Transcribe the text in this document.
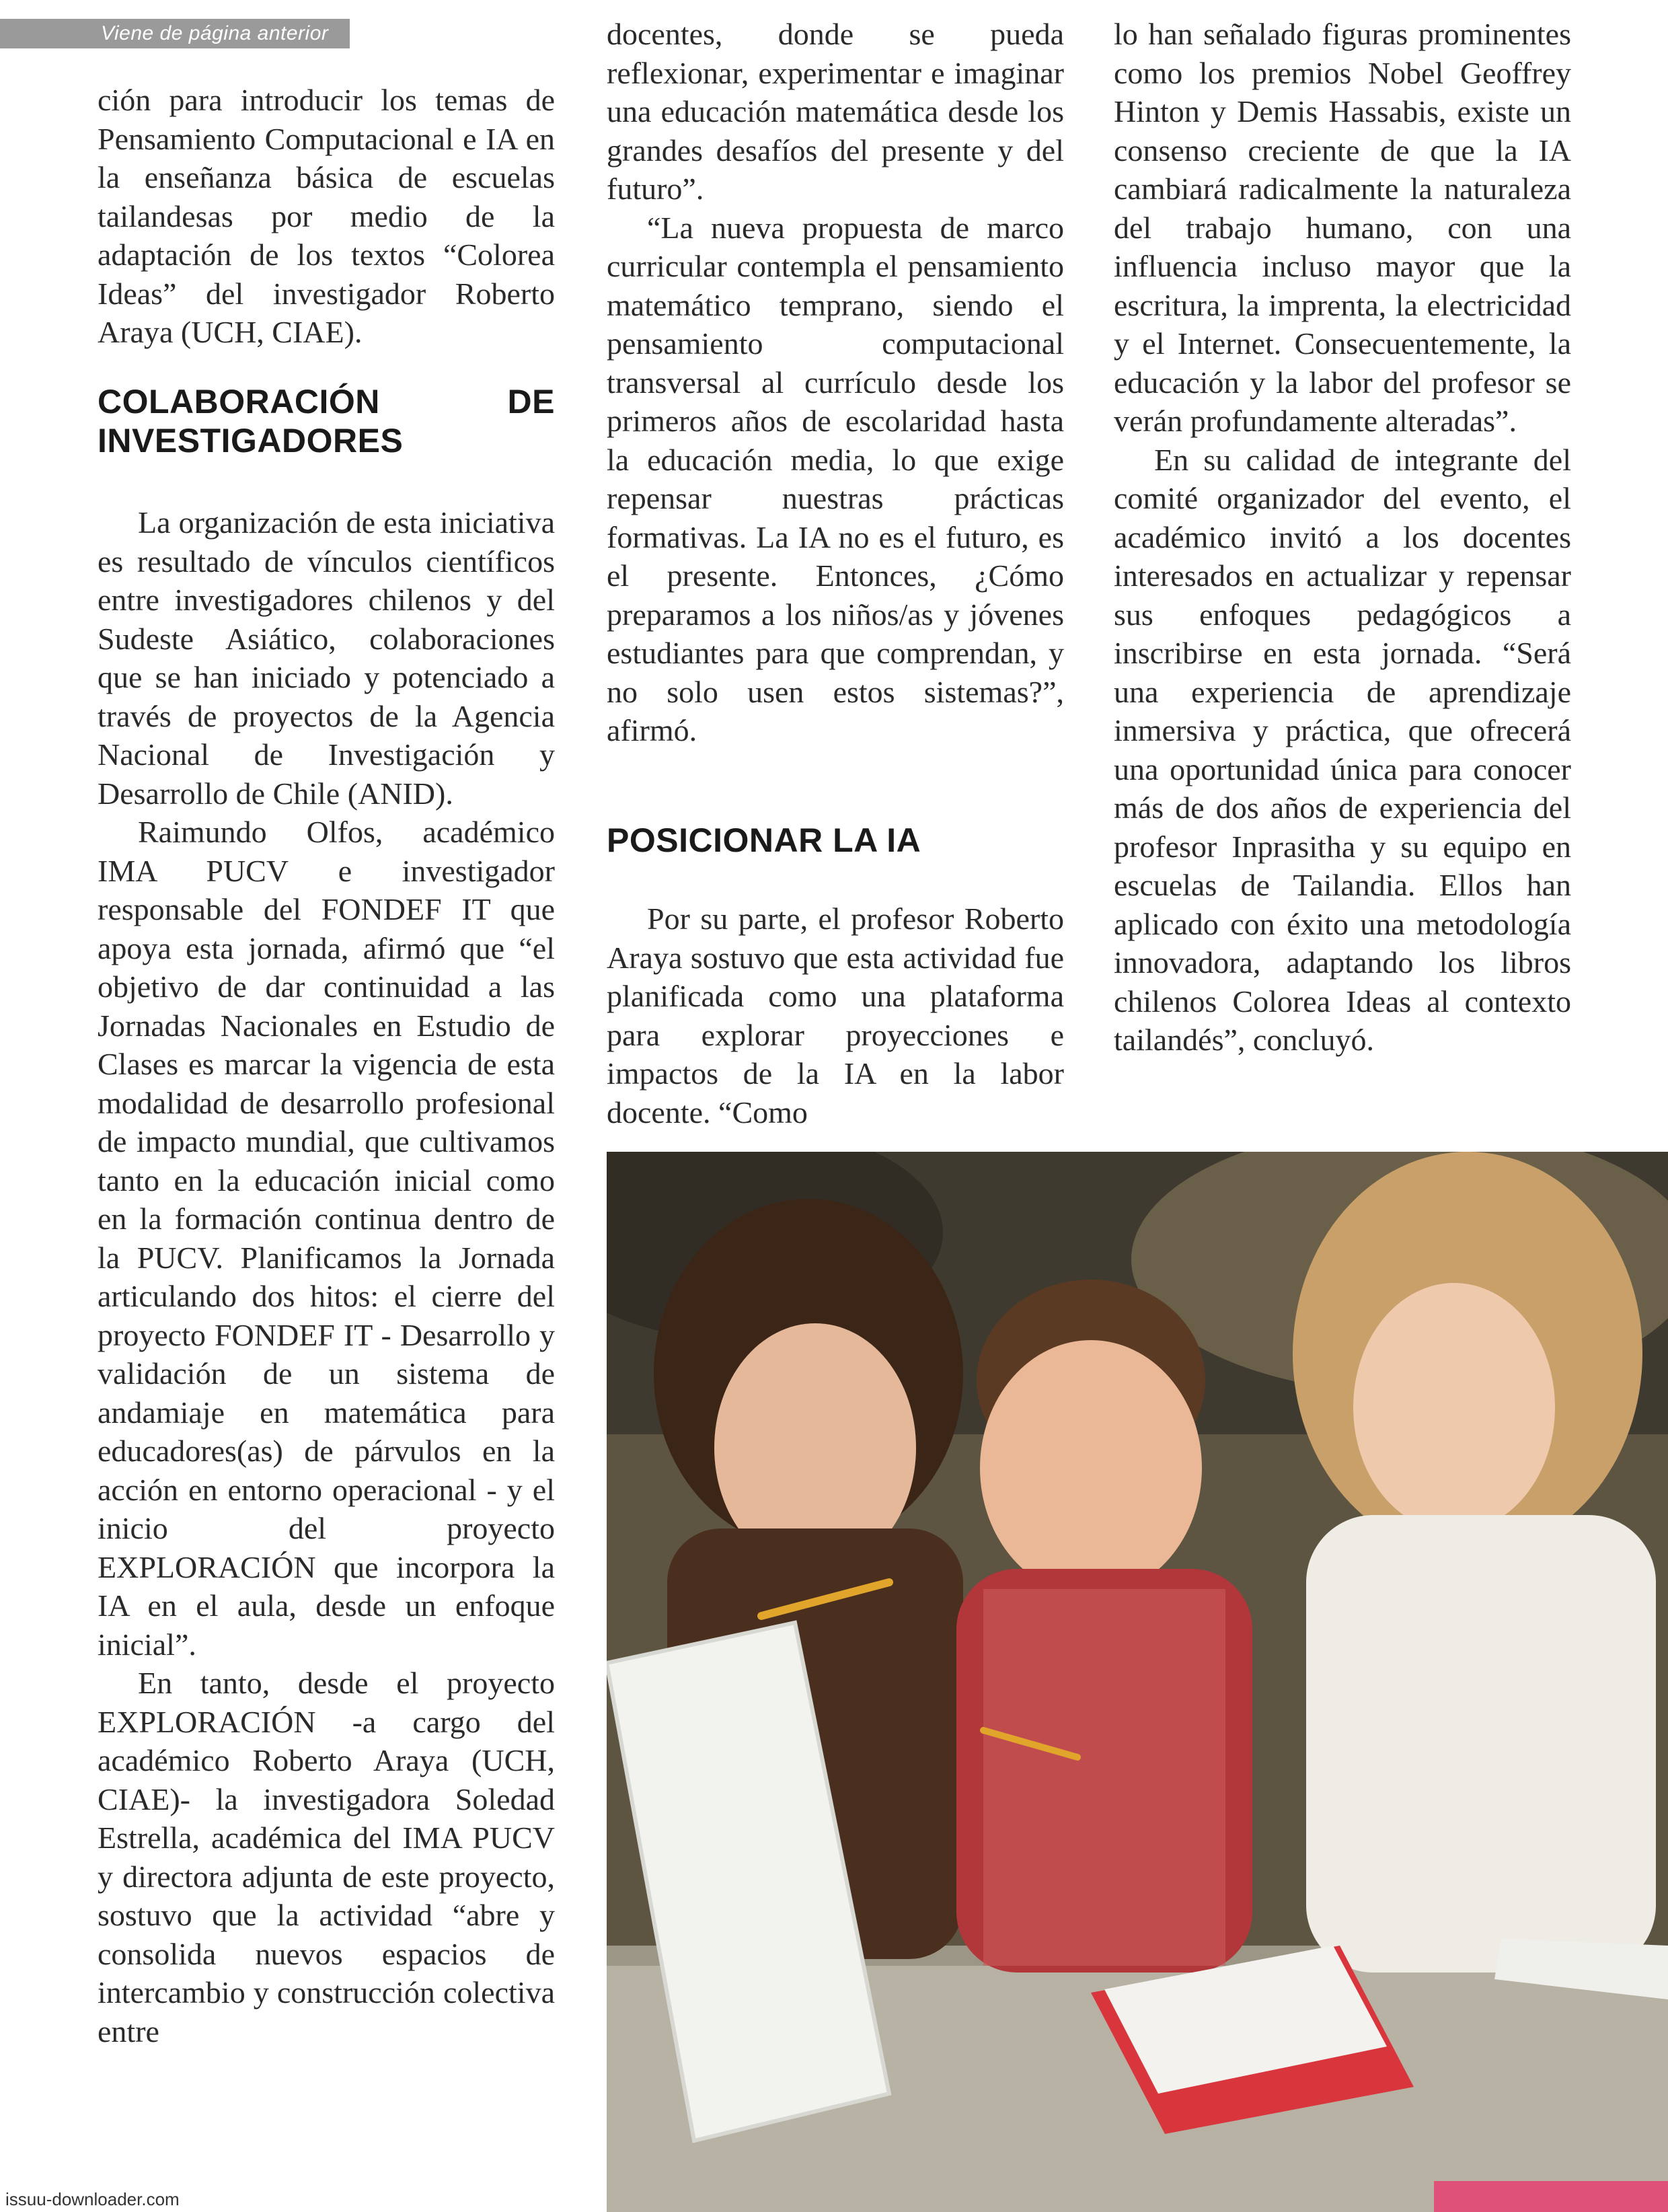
Viene de página anterior

ción para introducir los temas de Pensamiento Computacional e IA en la enseñanza básica de escuelas tailandesas por medio de la adaptación de los textos “Colorea Ideas” del investigador Roberto Araya (UCH, CIAE).

COLABORACIÓN DE INVESTIGADORES

La organización de esta iniciativa es resultado de vínculos científicos entre investigadores chilenos y del Sudeste Asiático, colaboraciones que se han iniciado y potenciado a través de proyectos de la Agencia Nacional de Investigación y Desarrollo de Chile (ANID).

Raimundo Olfos, académico IMA PUCV e investigador responsable del FONDEF IT que apoya esta jornada, afirmó que “el objetivo de dar continuidad a las Jornadas Nacionales en Estudio de Clases es marcar la vigencia de esta modalidad de desarrollo profesional de impacto mundial, que cultivamos tanto en la educación inicial como en la formación continua dentro de la PUCV. Planificamos la Jornada articulando dos hitos: el cierre del proyecto FONDEF IT - Desarrollo y validación de un sistema de andamiaje en matemática para educadores(as) de párvulos en la acción en entorno operacional - y el inicio del proyecto EXPLORACIÓN que incorpora la IA en el aula, desde un enfoque inicial”.

En tanto, desde el proyecto EXPLORACIÓN -a cargo del académico Roberto Araya (UCH, CIAE)- la investigadora Soledad Estrella, académica del IMA PUCV y directora adjunta de este proyecto, sostuvo que la actividad “abre y consolida nuevos espacios de intercambio y construcción colectiva entre

docentes, donde se pueda reflexionar, experimentar e imaginar una educación matemática desde los grandes desafíos del presente y del futuro”.

“La nueva propuesta de marco curricular contempla el pensamiento matemático temprano, siendo el pensamiento computacional transversal al currículo desde los primeros años de escolaridad hasta la educación media, lo que exige repensar nuestras prácticas formativas. La IA no es el futuro, es el presente. Entonces, ¿Cómo preparamos a los niños/as y jóvenes estudiantes para que comprendan, y no solo usen estos sistemas?”, afirmó.

POSICIONAR LA IA

Por su parte, el profesor Roberto Araya sostuvo que esta actividad fue planificada como una plataforma para explorar proyecciones e impactos de la IA en la labor docente. “Como

lo han señalado figuras prominentes como los premios Nobel Geoffrey Hinton y Demis Hassabis, existe un consenso creciente de que la IA cambiará radicalmente la naturaleza del trabajo humano, con una influencia incluso mayor que la escritura, la imprenta, la electricidad y el Internet. Consecuentemente, la educación y la labor del profesor se verán profundamente alteradas”.

En su calidad de integrante del comité organizador del evento, el académico invitó a los docentes interesados en actualizar y repensar sus enfoques pedagógicos a inscribirse en esta jornada. “Será una experiencia de aprendizaje inmersiva y práctica, que ofrecerá una oportunidad única para conocer más de dos años de experiencia del profesor Inprasitha y su equipo en escuelas de Tailandia. Ellos han aplicado con éxito una metodología innovadora, adaptando los libros chilenos Colorea Ideas al contexto tailandés”, concluyó.

issuu-downloader.com
